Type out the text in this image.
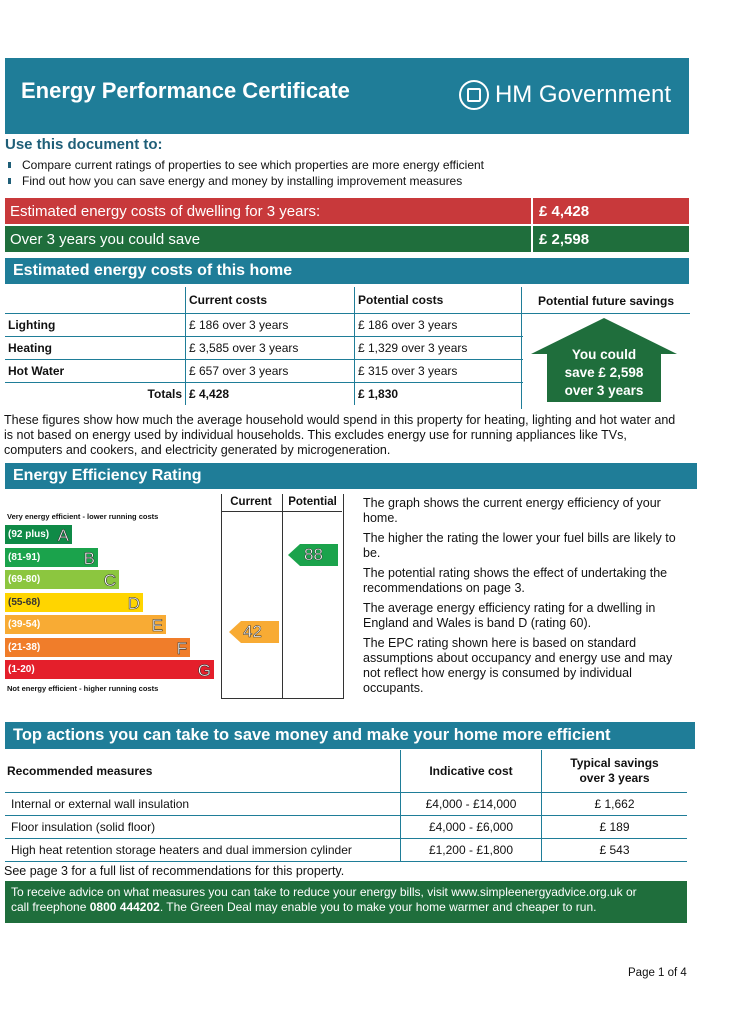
Energy Performance Certificate	HM Government
Use this document to:
Compare current ratings of properties to see which properties are more energy efficient
Find out how you can save energy and money by installing improvement measures
Estimated energy costs of dwelling for 3 years:	£ 4,428
Over 3 years you could save	£ 2,598
Estimated energy costs of this home
	Current costs	Potential costs
Lighting	£ 186 over 3 years	£ 186 over 3 years
Heating	£ 3,585 over 3 years	£ 1,329 over 3 years
Hot Water	£ 657 over 3 years	£ 315 over 3 years
Totals	£ 4,428	£ 1,830
Potential future savings
You could
save £ 2,598
over 3 years
These figures show how much the average household would spend in this property for heating, lighting and hot water and is not based on energy used by individual households. This excludes energy use for running appliances like TVs, computers and cookers, and electricity generated by microgeneration.
Energy Efficiency Rating
Current	Potential
Very energy efficient - lower running costs
(92 plus) A
(81-91)	B
(69-80)	C
(55-68)	D
(39-54)	E
(21-38)	F
(1-20)	G
Not energy efficient - higher running costs
42
88
The graph shows the current energy efficiency of your home.
The higher the rating the lower your fuel bills are likely to be.
The potential rating shows the effect of undertaking the recommendations on page 3.
The average energy efficiency rating for a dwelling in England and Wales is band D (rating 60).
The EPC rating shown here is based on standard assumptions about occupancy and energy use and may not reflect how energy is consumed by individual occupants.
Top actions you can take to save money and make your home more efficient
Recommended measures	Indicative cost	Typical savings
over 3 years

Internal or external wall insulation	£4,000 - £14,000	£ 1,662
Floor insulation (solid floor)	£4,000 - £6,000	£ 189
High heat retention storage heaters and dual immersion cylinder	£1,200 - £1,800	£ 543
See page 3 for a full list of recommendations for this property.
To receive advice on what measures you can take to reduce your energy bills, visit www.simpleenergyadvice.org.uk or
call freephone 0800 444202. The Green Deal may enable you to make your home warmer and cheaper to run.
Page 1 of 4
